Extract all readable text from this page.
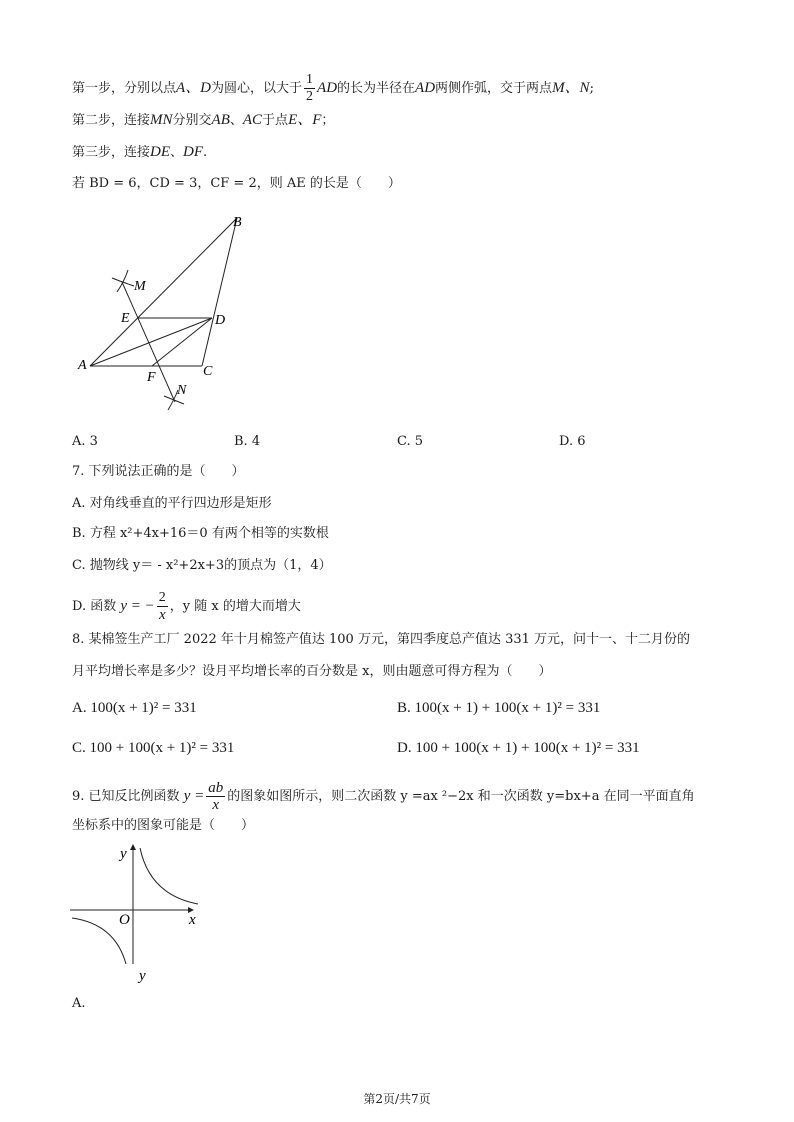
第一步，分别以点A、D为圆心，以大于 $\frac{1}{2}$ AD的长为半径在AD两侧作弧，交于两点M、N;
第二步，连接MN分别交AB、AC于点E、F；
第三步，连接DE、DF.
若 BD = 6，CD = 3，CF = 2，则 AE 的长是（　　）
B
M
E	D
A
F	C
N
A. 3	B. 4	C. 5	D. 6
7. 下列说法正确的是（　　）
A. 对角线垂直的平行四边形是矩形
B. 方程 x²+4x+16＝0 有两个相等的实数根
C. 抛物线 y＝ - x²+2x+3的顶点为（1，4）
D. 函数 y = − $\frac{2}{x}$ ，y 随 x 的增大而增大
8. 某棉签生产工厂 2022 年十月棉签产值达 100 万元，第四季度总产值达 331 万元，问十一、十二月份的
月平均增长率是多少？设月平均增长率的百分数是 x，则由题意可得方程为（　　）
A. 100(x + 1)² = 331	B. 100(x + 1) + 100(x + 1)² = 331
C. 100 + 100(x + 1)² = 331	D. 100 + 100(x + 1) + 100(x + 1)² = 331
9. 已知反比例函数 $y = \frac{ab}{x}$ 的图象如图所示，则二次函数 y =ax ²−2x 和一次函数 y=bx+a 在同一平面直角
坐标系中的图象可能是（　　）
y
O	x
y
A.
第2页/共7页
